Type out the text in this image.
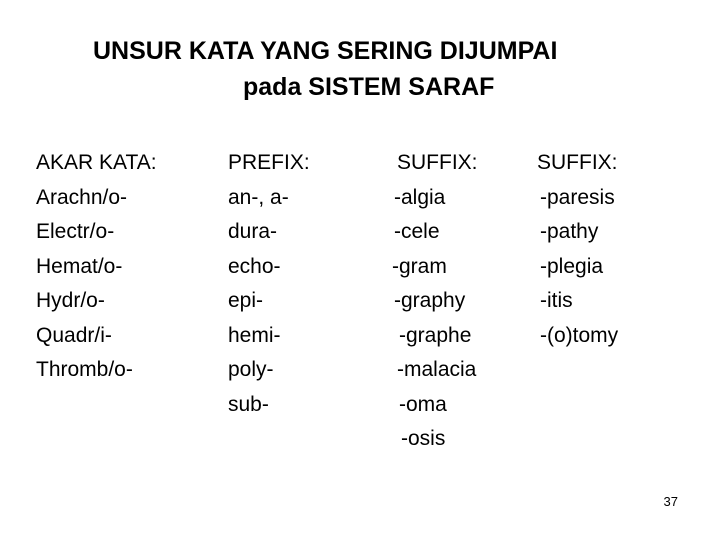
UNSUR KATA YANG SERING DIJUMPAI
pada SISTEM SARAF
AKAR KATA:
Arachn/o-
Electr/o-
Hemat/o-
Hydr/o-
Quadr/i-
Thromb/o-
PREFIX:
an-, a-
dura-
echo-
epi-
hemi-
poly-
sub-
SUFFIX:
-algia
-cele
-gram
-graphy
-graphe
-malacia
-oma
-osis
SUFFIX:
-paresis
-pathy
-plegia
-itis
-(o)tomy
37
